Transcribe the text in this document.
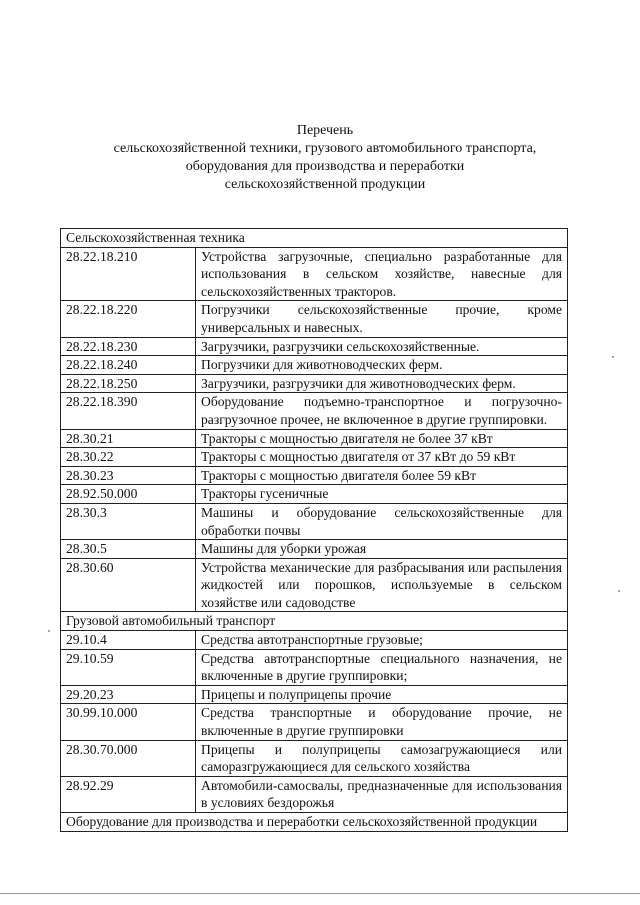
Перечень
сельскохозяйственной техники, грузового автомобильного транспорта,
оборудования для производства и переработки
сельскохозяйственной продукции
Сельскохозяйственная техника	
28.22.18.210	Устройства загрузочные, специально разработанные для использования в сельском хозяйстве, навесные для сельскохозяйственных тракторов.
28.22.18.220	Погрузчики сельскохозяйственные прочие, кроме универсальных и навесных.
28.22.18.230	Загрузчики, разгрузчики сельскохозяйственные.
28.22.18.240	Погрузчики для животноводческих ферм.
28.22.18.250	Загрузчики, разгрузчики для животноводческих ферм.
28.22.18.390	Оборудование подъемно-транспортное и погрузочно-разгрузочное прочее, не включенное в другие группировки.
28.30.21	Тракторы с мощностью двигателя не более 37 кВт
28.30.22	Тракторы с мощностью двигателя от 37 кВт до 59 кВт
28.30.23	Тракторы с мощностью двигателя более 59 кВт
28.92.50.000	Тракторы гусеничные
28.30.3	Машины и оборудование сельскохозяйственные для обработки почвы
28.30.5	Машины для уборки урожая
28.30.60	Устройства механические для разбрасывания или распыления жидкостей или порошков, используемые в сельском хозяйстве или садоводстве
Грузовой автомобильный транспорт	
29.10.4	Средства автотранспортные грузовые;
29.10.59	Средства автотранспортные специального назначения, не включенные в другие группировки;
29.20.23	Прицепы и полуприцепы прочие
30.99.10.000	Средства транспортные и оборудование прочие, не включенные в другие группировки
28.30.70.000	Прицепы и полуприцепы самозагружающиеся или саморазгружающиеся для сельского хозяйства
28.92.29	Автомобили-самосвалы, предназначенные для использования в условиях бездорожья
Оборудование для производства и переработки сельскохозяйственной продукции	
